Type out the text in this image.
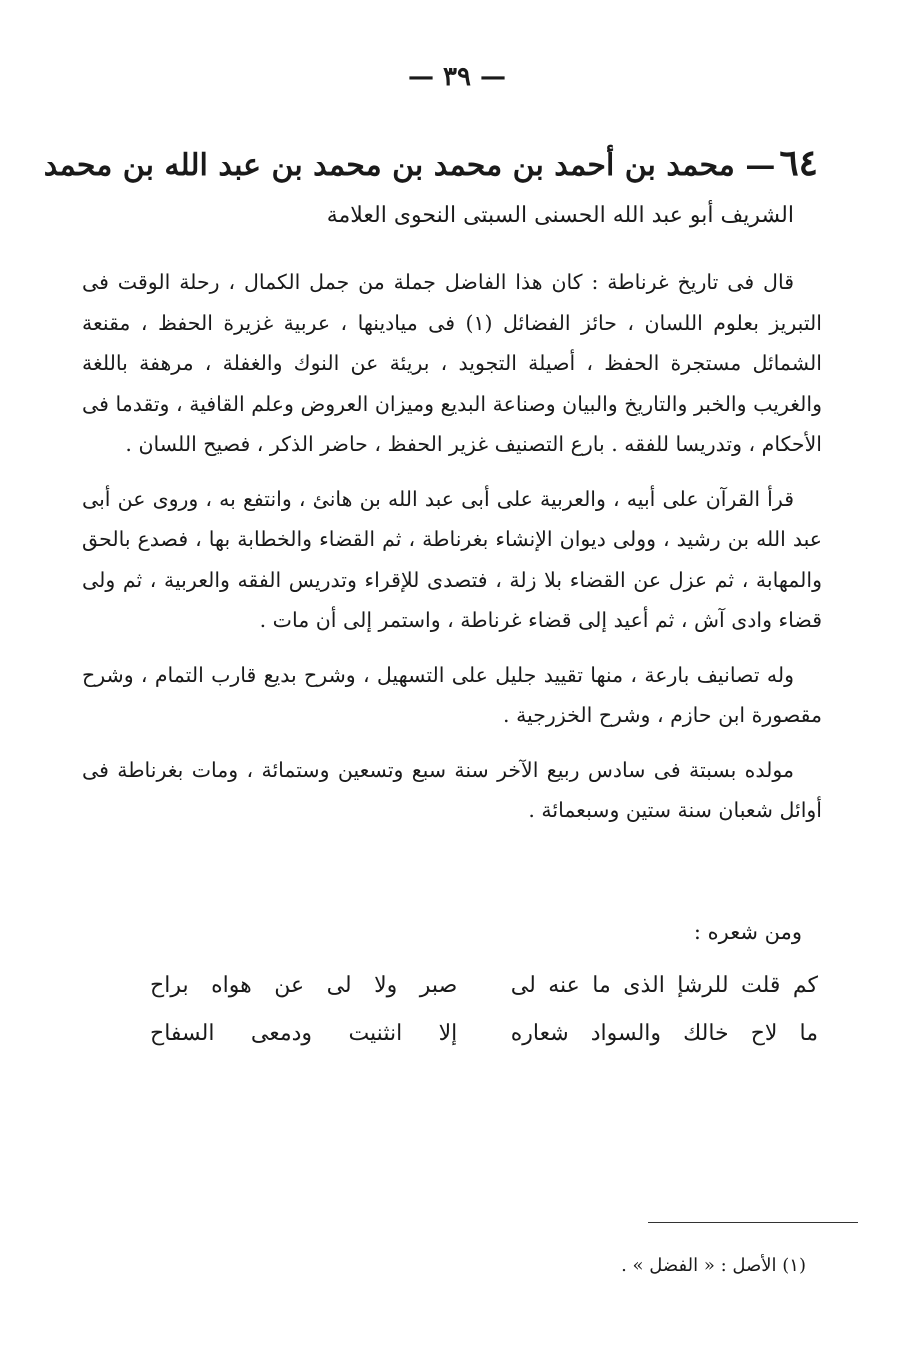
— ٣٩ —
٦٤— محمد بن أحمد بن محمد بن محمد بن عبد الله بن محمد
الشريف أبو عبد الله الحسنى السبتى النحوى العلامة

قال فى تاريخ غرناطة : كان هذا الفاضل جملة من جمل الكمال ، رحلة الوقت فى التبريز بعلوم اللسان ، حائز الفضائل (١) فى ميادينها ، عربية غزيرة الحفظ ، مقنعة الشمائل مستجرة الحفظ ، أصيلة التجويد ، بريئة عن النوك والغفلة ، مرهفة باللغة والغريب والخبر والتاريخ والبيان وصناعة البديع وميزان العروض وعلم القافية ، وتقدما فى الأحكام ، وتدريسا للفقه . بارع التصنيف غزير الحفظ ، حاضر الذكر ، فصيح اللسان .

قرأ القرآن على أبيه ، والعربية على أبى عبد الله بن هانئ ، وانتفع به ، وروى عن أبى عبد الله بن رشيد ، وولى ديوان الإنشاء بغرناطة ، ثم القضاء والخطابة بها ، فصدع بالحق والمهابة ، ثم عزل عن القضاء بلا زلة ، فتصدى للإقراء وتدريس الفقه والعربية ، ثم ولى قضاء وادى آش ، ثم أعيد إلى قضاء غرناطة ، واستمر إلى أن مات .

وله تصانيف بارعة ، منها تقييد جليل على التسهيل ، وشرح بديع قارب التمام ، وشرح مقصورة ابن حازم ، وشرح الخزرجية .

مولده بسبتة فى سادس ربيع الآخر سنة سبع وتسعين وستمائة ، ومات بغرناطة فى أوائل شعبان سنة ستين وسبعمائة .

ومن شعره :
كم قلت للرشإ الذى ما عنه لى
صبر ولا لى عن هواه براح
ما لاح خالك والسواد شعاره
إلا انثنيت ودمعى السفاح
(١) الأصل : « الفضل » .
